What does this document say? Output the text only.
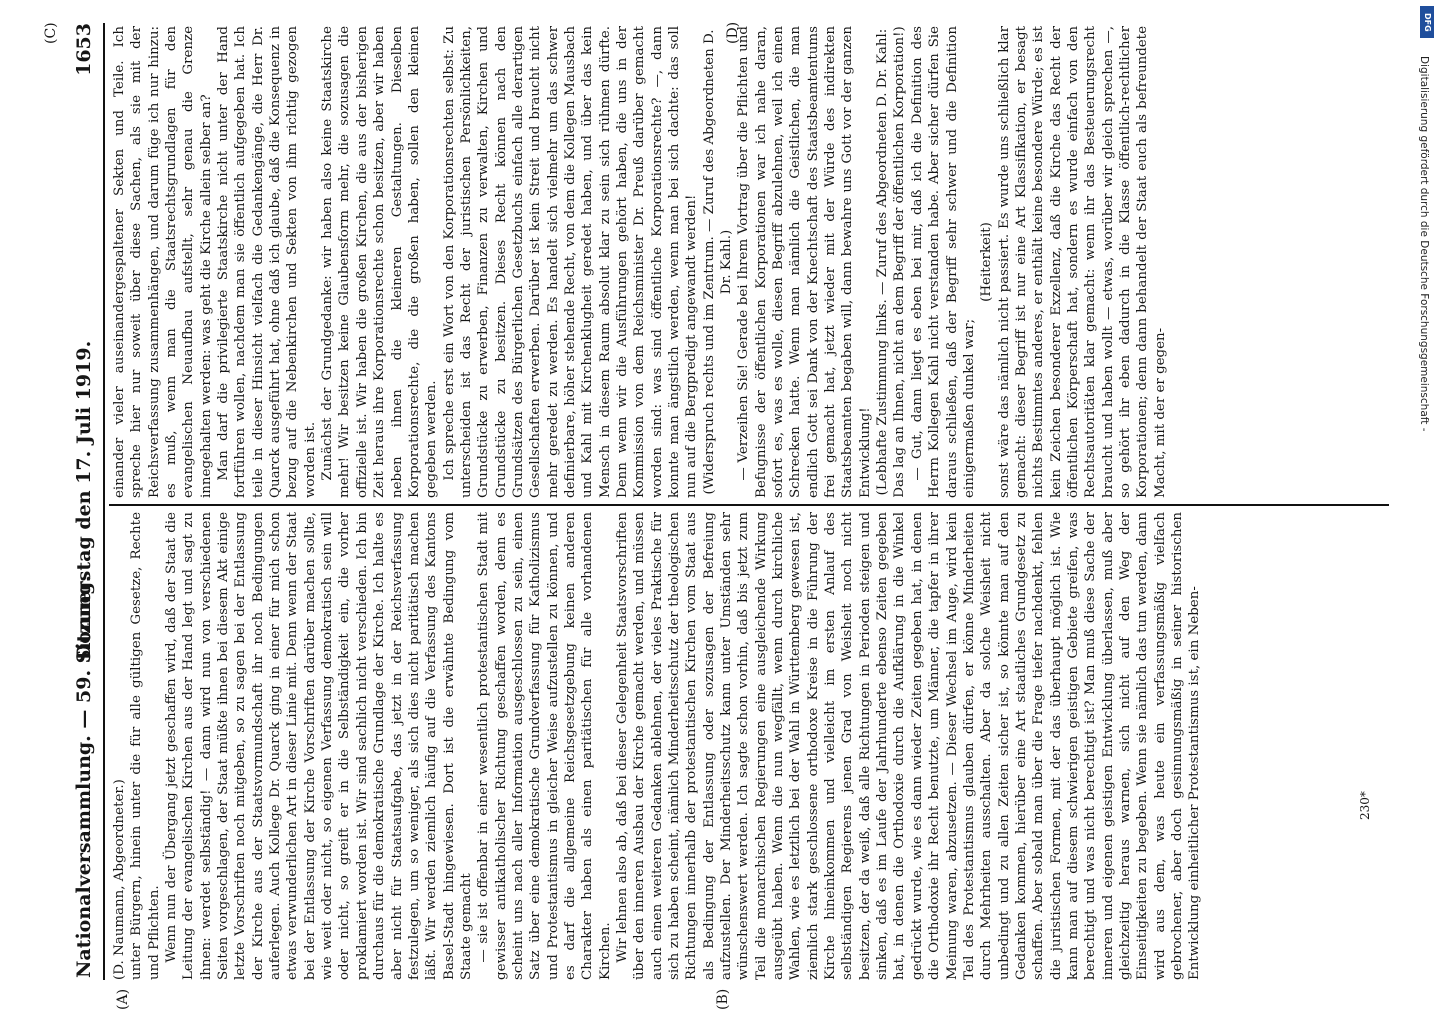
Nationalversammlung. — 59. Sitzung.
Donnerstag den 17. Juli 1919.
1653

(D. Naumann, Abgeordneter.) unter Bürgern, hinein unter die für alle gültigen Gesetze, Rechte und Pflichten. Wenn nun der Übergang jetzt geschaffen wird, daß der Staat die Leitung der evangelischen Kirchen aus der Hand legt und sagt zu ihnen: werdet selbständig! — dann wird nun von verschiedenen Seiten vorgeschlagen, der Staat müßte ihnen bei diesem Akt einige letzte Vorschriften noch mitgeben, so zu sagen bei der Entlassung der Kirche aus der Staatsvormundschaft ihr noch Bedingungen auferlegen. Auch Kollege Dr. Quarck ging in einer für mich schon etwas verwunderlichen Art in dieser Linie mit. Denn wenn der Staat bei der Entlassung der Kirche Vorschriften darüber machen sollte, wie weit oder nicht, so eigenen Verfassung demokratisch sein will oder nicht, so greift er in die Selbständigkeit ein, die vorher proklamiert worden ist. Wir sind sachlich nicht verschieden. Ich bin durchaus für die demokratische Grundlage der Kirche. Ich halte es aber nicht für Staatsaufgabe, das jetzt in der Reichsverfassung festzulegen, um so weniger, als sich dies nicht paritätisch machen läßt. Wir werden ziemlich häufig auf die Verfassung des Kantons Basel-Stadt hingewiesen. Dort ist die erwähnte Bedingung vom Staate gemacht — sie ist offenbar in einer wesentlich protestantischen Stadt mit gewisser antikatholischer Richtung geschaffen worden, denn es scheint uns nach aller Information ausgeschlossen zu sein, einen Satz über eine demokratische Grundverfassung für Katholizismus und Protestantismus in gleicher Weise aufzustellen zu können, und es darf die allgemeine Reichsgesetzgebung keinen anderen Charakter haben als einen paritätischen für alle vorhandenen Kirchen. Wir lehnen also ab, daß bei dieser Gelegenheit Staatsvorschriften über den inneren Ausbau der Kirche gemacht werden, und müssen auch einen weiteren Gedanken ablehnen, der vieles Praktische für sich zu haben scheint, nämlich Minderheitsschutz der theologischen Richtungen innerhalb der protestantischen Kirchen vom Staat aus als Bedingung der Entlassung oder sozusagen der Befreiung aufzustellen. Der Minderheitsschutz kann unter Umständen sehr wünschenswert werden. Ich sagte schon vorhin, daß bis jetzt zum Teil die monarchischen Regierungen eine ausgleichende Wirkung ausgeübt haben. Wenn die nun wegfällt, wenn durch kirchliche Wahlen, wie es letztlich bei der Wahl in Württemberg gewesen ist, ziemlich stark geschlossene orthodoxe Kreise in die Führung der Kirche hineinkommen und vielleicht im ersten Anlauf des selbständigen Regierens jenen Grad von Weisheit noch nicht besitzen, der da weiß, daß alle Richtungen in Perioden steigen und sinken, daß es im Laufe der Jahrhunderte ebenso Zeiten gegeben hat, in denen die Orthodoxie durch die Aufklärung in die Winkel gedrückt wurde, wie es dann wieder Zeiten gegeben hat, in denen die Orthodoxie ihr Recht benutzte, um Männer, die tapfer in ihrer Meinung waren, abzusetzen. — Dieser Wechsel im Auge, wird kein Teil des Protestantismus glauben dürfen, er könne Minderheiten durch Mehrheiten ausschalten. Aber da solche Weisheit nicht unbedingt und zu allen Zeiten sicher ist, so könnte man auf den Gedanken kommen, hierüber eine Art staatliches Grundgesetz zu schaffen. Aber sobald man über die Frage tiefer nachdenkt, fehlen die juristischen Formen, mit der das überhaupt möglich ist. Wie kann man auf diesem schwierigen geistigen Gebiete greifen, was berechtigt und was nicht berechtigt ist? Man muß diese Sache der inneren und eigenen geistigen Entwicklung überlassen, muß aber gleichzeitig heraus warnen, sich nicht auf den Weg der Einseitigkeiten zu begeben. Wenn sie nämlich das tun werden, dann wird aus dem, was heute ein verfassungsmäßig vielfach gebrochener, aber doch gesinnungsmäßig in seiner historischen Entwicklung einheitlicher Protestantismus ist, ein Neben-

einander vieler auseinandergespaltener Sekten und Teile. Ich spreche hier nur soweit über diese Sachen, als sie mit der Reichsverfassung zusammenhängen, und darum füge ich nur hinzu: es muß, wenn man die Staatsrechtsgrundlagen für den evangelischen Neuaufbau aufstellt, sehr genau die Grenze innegehalten werden: was geht die Kirche allein selber an? Man darf die privilegierte Staatskirche nicht unter der Hand fortführen wollen, nachdem man sie öffentlich aufgegeben hat. Ich teile in dieser Hinsicht vielfach die Gedankengänge, die Herr Dr. Quarck ausgeführt hat, ohne daß ich glaube, daß die Konsequenz in bezug auf die Nebenkirchen und Sekten von ihm richtig gezogen worden ist. Zunächst der Grundgedanke: wir haben also keine Staatskirche mehr! Wir besitzen keine Glaubensform mehr, die sozusagen die offizielle ist. Wir haben die großen Kirchen, die aus der bisherigen Zeit heraus ihre Korporationsrechte schon besitzen, aber wir haben neben ihnen die kleineren Gestaltungen. Dieselben Korporationsrechte, die die großen haben, sollen den kleinen gegeben werden. Ich spreche erst ein Wort von den Korporationsrechten selbst: Zu unterscheiden ist das Recht der juristischen Persönlichkeiten, Grundstücke zu erwerben, Finanzen zu verwalten, Kirchen und Grundstücke zu besitzen. Dieses Recht können nach den Grundsätzen des Bürgerlichen Gesetzbuchs einfach alle derartigen Gesellschaften erwerben. Darüber ist kein Streit und braucht nicht mehr geredet zu werden. Es handelt sich vielmehr um das schwer definierbare, höher stehende Recht, von dem die Kollegen Mausbach und Kahl mit Kirchenklugheit geredet haben, und über das kein Mensch in diesem Raum absolut klar zu sein sich rühmen dürfte. Denn wenn wir die Ausführungen gehört haben, die uns in der Kommission von dem Reichsminister Dr. Preuß darüber gemacht worden sind: was sind öffentliche Korporationsrechte? —, dann konnte man ängstlich werden, wenn man bei sich dachte: das soll nun auf die Bergpredigt angewandt werden! (Widerspruch rechts und im Zentrum. — Zuruf des Abgeordneten D. Dr. Kahl.) — Verzeihen Sie! Gerade bei Ihrem Vortrag über die Pflichten und Befugnisse der öffentlichen Korporationen war ich nahe daran, sofort es, was es wolle, diesen Begriff abzulehnen, weil ich einen Schrecken hatte. Wenn man nämlich die Geistlichen, die man endlich Gott sei Dank von der Knechtschaft des Staatsbeamtentums frei gemacht hat, jetzt wieder mit der Würde des indirekten Staatsbeamten begaben will, dann bewahre uns Gott vor der ganzen Entwicklung! (Lebhafte Zustimmung links. — Zuruf des Abgeordneten D. Dr. Kahl: Das lag an Ihnen, nicht an dem Begriff der öffentlichen Korporation!) — Gut, dann liegt es eben bei mir, daß ich die Definition des Herrn Kollegen Kahl nicht verstanden habe. Aber sicher dürfen Sie daraus schließen, daß der Begriff sehr schwer und die Definition einigermaßen dunkel war;

(Heiterkeit) sonst wäre das nämlich nicht passiert. Es wurde uns schließlich klar gemacht: dieser Begriff ist nur eine Art Klassifikation, er besagt nichts Bestimmtes anderes, er enthält keine besondere Würde; es ist kein Zeichen besonderer Exzellenz, daß die Kirche das Recht der öffentlichen Körperschaft hat, sondern es wurde einfach von den Rechtsautoritäten klar gemacht: wenn ihr das Besteuerungsrecht braucht und haben wollt — etwas, worüber wir gleich sprechen —, so gehört ihr eben dadurch in die Klasse öffentlich-rechtlicher Korporationen; denn dann behandelt der Staat euch als befreundete Macht, mit der er gegen-

(A)	(B)
(C)	(D)
230*
Digitalisierung gefördert durch die Deutsche Forschungsgemeinschaft -
DFG
